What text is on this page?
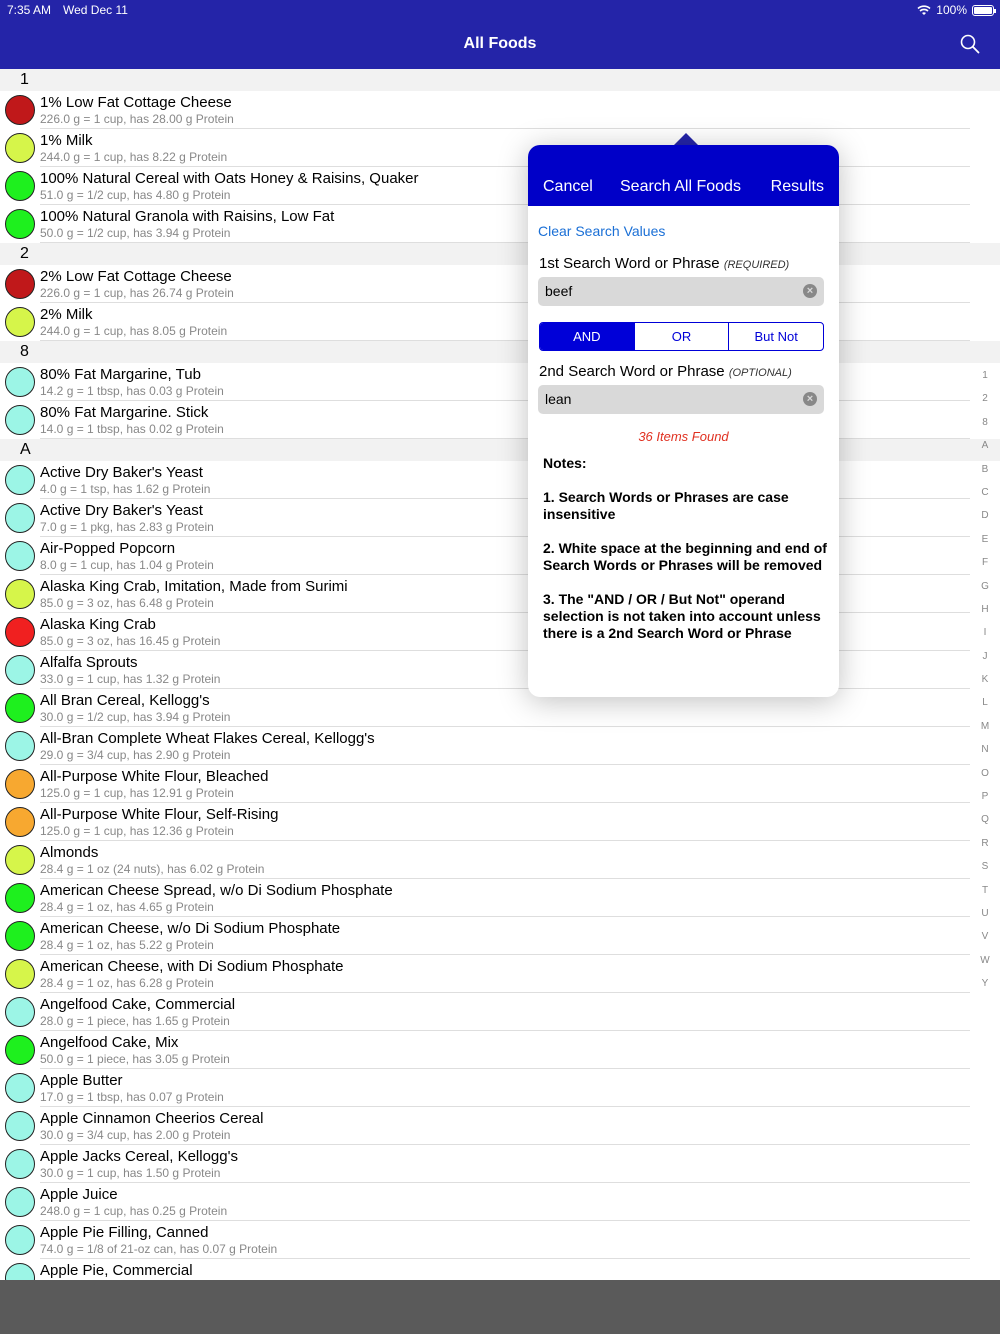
7:35 AM Wed Dec 11	100%
All Foods
1
1% Low Fat Cottage Cheese
226.0 g = 1 cup, has 28.00 g Protein
1% Milk
244.0 g = 1 cup, has 8.22 g Protein
100% Natural Cereal with Oats Honey & Raisins, Quaker
51.0 g = 1/2 cup, has 4.80 g Protein
100% Natural Granola with Raisins, Low Fat
50.0 g = 1/2 cup, has 3.94 g Protein
2
2% Low Fat Cottage Cheese
226.0 g = 1 cup, has 26.74 g Protein
2% Milk
244.0 g = 1 cup, has 8.05 g Protein
8
80% Fat Margarine, Tub
14.2 g = 1 tbsp, has 0.03 g Protein
80% Fat Margarine. Stick
14.0 g = 1 tbsp, has 0.02 g Protein
A
Active Dry Baker's Yeast
4.0 g = 1 tsp, has 1.62 g Protein
Active Dry Baker's Yeast
7.0 g = 1 pkg, has 2.83 g Protein
Air-Popped Popcorn
8.0 g = 1 cup, has 1.04 g Protein
Alaska King Crab, Imitation, Made from Surimi
85.0 g = 3 oz, has 6.48 g Protein
Alaska King Crab
85.0 g = 3 oz, has 16.45 g Protein
Alfalfa Sprouts
33.0 g = 1 cup, has 1.32 g Protein
All Bran Cereal, Kellogg's
30.0 g = 1/2 cup, has 3.94 g Protein
All-Bran Complete Wheat Flakes Cereal, Kellogg's
29.0 g = 3/4 cup, has 2.90 g Protein
All-Purpose White Flour, Bleached
125.0 g = 1 cup, has 12.91 g Protein
All-Purpose White Flour, Self-Rising
125.0 g = 1 cup, has 12.36 g Protein
Almonds
28.4 g = 1 oz (24 nuts), has 6.02 g Protein
American Cheese Spread, w/o Di Sodium Phosphate
28.4 g = 1 oz, has 4.65 g Protein
American Cheese, w/o Di Sodium Phosphate
28.4 g = 1 oz, has 5.22 g Protein
American Cheese, with Di Sodium Phosphate
28.4 g = 1 oz, has 6.28 g Protein
Angelfood Cake, Commercial
28.0 g = 1 piece, has 1.65 g Protein
Angelfood Cake, Mix
50.0 g = 1 piece, has 3.05 g Protein
Apple Butter
17.0 g = 1 tbsp, has 0.07 g Protein
Apple Cinnamon Cheerios Cereal
30.0 g = 3/4 cup, has 2.00 g Protein
Apple Jacks Cereal, Kellogg's
30.0 g = 1 cup, has 1.50 g Protein
Apple Juice
248.0 g = 1 cup, has 0.25 g Protein
Apple Pie Filling, Canned
74.0 g = 1/8 of 21-oz can, has 0.07 g Protein
Apple Pie, Commercial
1
2
8
A
B
C
D
E
F
G
H
I
J
K
L
M
N
O
P
Q
R
S
T
U
V
W
Y
Cancel Search All Foods Results
Clear Search Values
1st Search Word or Phrase (REQUIRED)
beef	×
AND	OR	But Not
2nd Search Word or Phrase (OPTIONAL)
lean	×
36 Items Found

Notes:

1. Search Words or Phrases are case insensitive

2. White space at the beginning and end of Search Words or Phrases will be removed

3. The "AND / OR / But Not" operand selection is not taken into account unless there is a 2nd Search Word or Phrase
